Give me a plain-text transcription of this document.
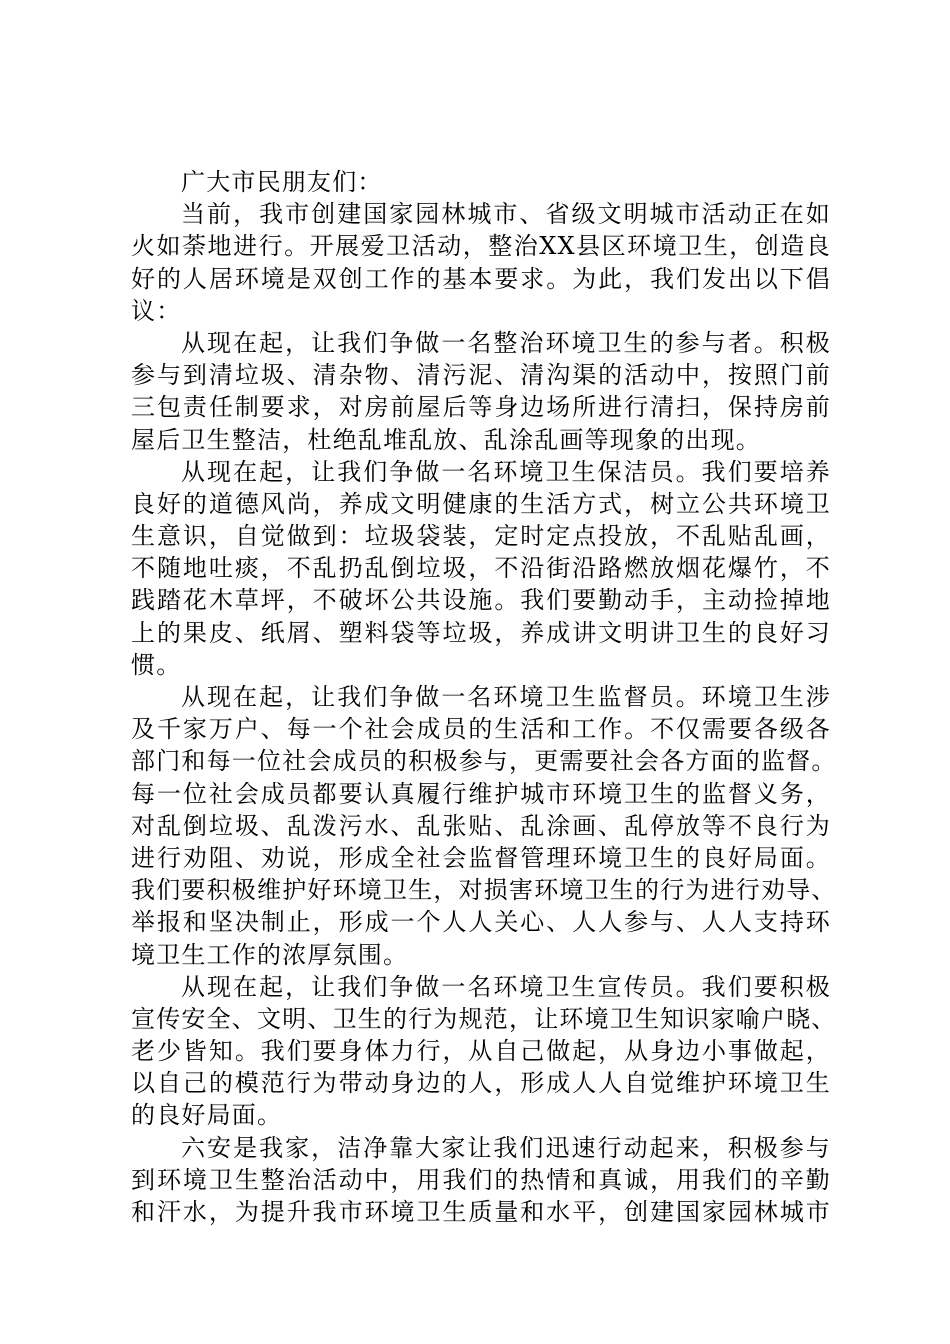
广大市民朋友们：
当前，我市创建国家园林城市、省级文明城市活动正在如
火如荼地进行。开展爱卫活动，整治XX县区环境卫生，创造良
好的人居环境是双创工作的基本要求。为此，我们发出以下倡
议：
从现在起，让我们争做一名整治环境卫生的参与者。积极
参与到清垃圾、清杂物、清污泥、清沟渠的活动中，按照门前
三包责任制要求，对房前屋后等身边场所进行清扫，保持房前
屋后卫生整洁，杜绝乱堆乱放、乱涂乱画等现象的出现。
从现在起，让我们争做一名环境卫生保洁员。我们要培养
良好的道德风尚，养成文明健康的生活方式，树立公共环境卫
生意识，自觉做到：垃圾袋装，定时定点投放，不乱贴乱画，
不随地吐痰，不乱扔乱倒垃圾，不沿街沿路燃放烟花爆竹，不
践踏花木草坪，不破坏公共设施。我们要勤动手，主动捡掉地
上的果皮、纸屑、塑料袋等垃圾，养成讲文明讲卫生的良好习
惯。
从现在起，让我们争做一名环境卫生监督员。环境卫生涉
及千家万户、每一个社会成员的生活和工作。不仅需要各级各
部门和每一位社会成员的积极参与，更需要社会各方面的监督。
每一位社会成员都要认真履行维护城市环境卫生的监督义务，
对乱倒垃圾、乱泼污水、乱张贴、乱涂画、乱停放等不良行为
进行劝阻、劝说，形成全社会监督管理环境卫生的良好局面。
我们要积极维护好环境卫生，对损害环境卫生的行为进行劝导、
举报和坚决制止，形成一个人人关心、人人参与、人人支持环
境卫生工作的浓厚氛围。
从现在起，让我们争做一名环境卫生宣传员。我们要积极
宣传安全、文明、卫生的行为规范，让环境卫生知识家喻户晓、
老少皆知。我们要身体力行，从自己做起，从身边小事做起，
以自己的模范行为带动身边的人，形成人人自觉维护环境卫生
的良好局面。
六安是我家，洁净靠大家让我们迅速行动起来，积极参与
到环境卫生整治活动中，用我们的热情和真诚，用我们的辛勤
和汗水，为提升我市环境卫生质量和水平，创建国家园林城市
